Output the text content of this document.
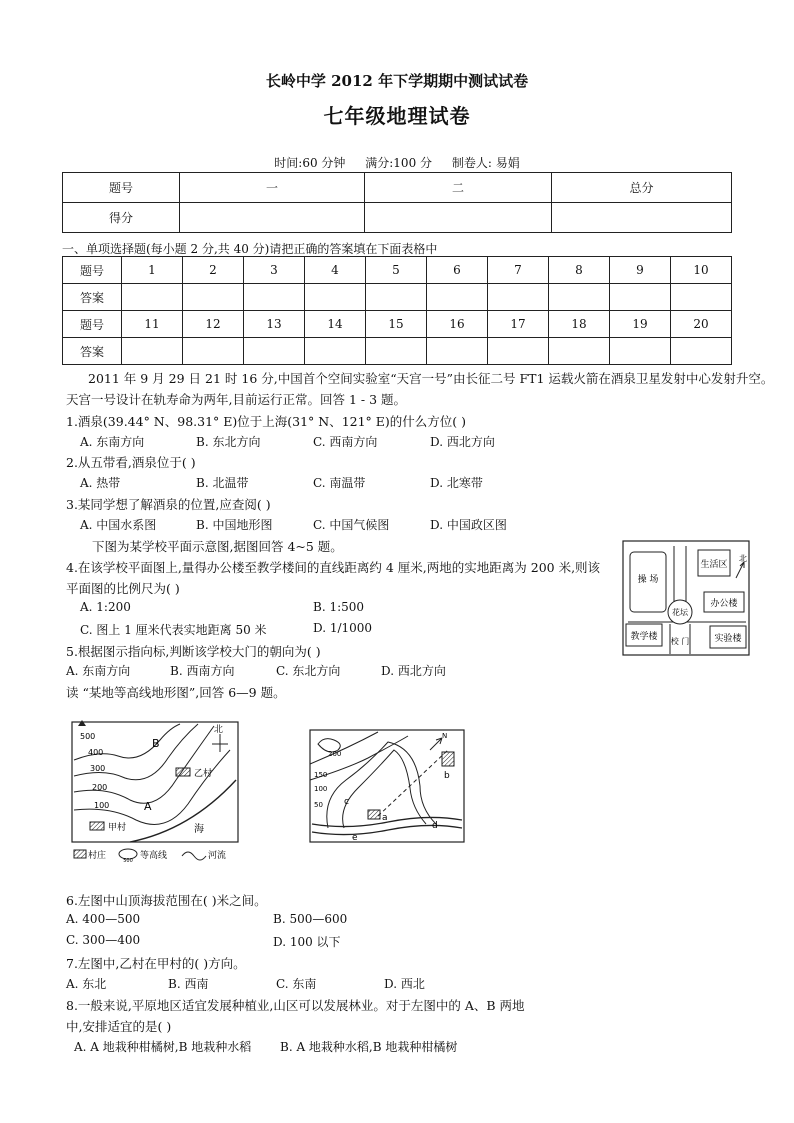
长岭中学 2012 年下学期期中测试试卷
七年级地理试卷
时间:60 分钟 满分:100 分 制卷人: 易娟
题号	一	二	总分
得分			
一、单项选择题(每小题 2 分,共 40 分)请把正确的答案填在下面表格中
题号	1	2	3	4	5	6	7	8	9	10
答案										
题号	11	12	13	14	15	16	17	18	19	20
答案										
2011 年 9 月 29 日 21 时 16 分,中国首个空间实验室“天宫一号”由长征二号 FT1 运载火箭在酒泉卫星发射中心发射升空。
天宫一号设计在轨寿命为两年,目前运行正常。回答 1 - 3 题。
1.酒泉(39.44° N、98.31° E)位于上海(31° N、121° E)的什么方位( )
A. 东南方向	B. 东北方向	C. 西南方向	D. 西北方向
2.从五带看,酒泉位于( )
A. 热带	B. 北温带	C. 南温带	D. 北寒带
3.某同学想了解酒泉的位置,应查阅( )
A. 中国水系图	B. 中国地形图	C. 中国气候图	D. 中国政区图
下图为某学校平面示意图,据图回答 4~5 题。
4.在该学校平面图上,量得办公楼至教学楼间的直线距离约 4 厘米,两地的实地距离为 200 米,则该
平面图的比例尺为( )
A. 1:200	B. 1:500
C. 图上 1 厘米代表实地距离 50 米	D. 1/1000
5.根据图示指向标,判断该学校大门的朝向为( )
A. 东南方向	B. 西南方向	C. 东北方向	D. 西北方向
读 “某地等高线地形图”,回答 6—9 题。
操 场
生活区
北
花坛
办公楼
教学楼 校 门	实验楼
500
400
300
200
100
B
A
乙村
甲村	海
北
村庄	500 等高线	河流
200
150
100
50
a
b
c
d
e
N
6.左图中山顶海拔范围在( )米之间。
A. 400—500	B. 500—600
C. 300—400	D. 100 以下
7.左图中,乙村在甲村的( )方向。
A. 东北	B. 西南	C. 东南	D. 西北
8.一般来说,平原地区适宜发展种植业,山区可以发展林业。对于左图中的 A、B 两地
中,安排适宜的是( )
A. A 地栽种柑橘树,B 地栽种水稻 B. A 地栽种水稻,B 地栽种柑橘树
